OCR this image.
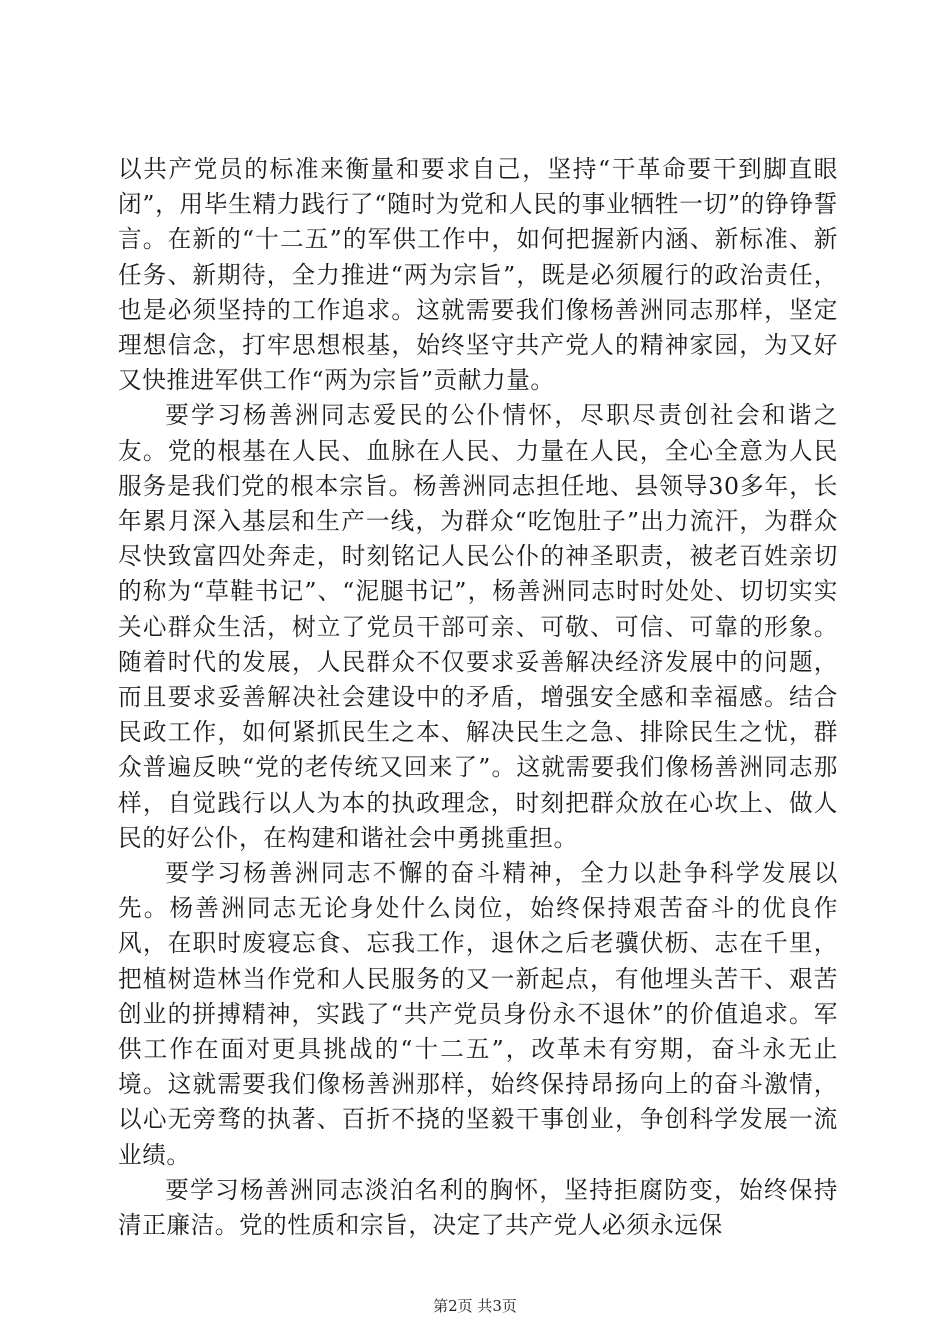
以共产党员的标准来衡量和要求自己，坚持“干革命要干到脚直眼闭”，用毕生精力践行了“随时为党和人民的事业牺牲一切”的铮铮誓言。在新的“十二五”的军供工作中，如何把握新内涵、新标准、新任务、新期待，全力推进“两为宗旨”，既是必须履行的政治责任，也是必须坚持的工作追求。这就需要我们像杨善洲同志那样，坚定理想信念，打牢思想根基，始终坚守共产党人的精神家园，为又好又快推进军供工作“两为宗旨”贡献力量。

要学习杨善洲同志爱民的公仆情怀，尽职尽责创社会和谐之友。党的根基在人民、血脉在人民、力量在人民，全心全意为人民服务是我们党的根本宗旨。杨善洲同志担任地、县领导30多年，长年累月深入基层和生产一线，为群众“吃饱肚子”出力流汗，为群众尽快致富四处奔走，时刻铭记人民公仆的神圣职责，被老百姓亲切的称为“草鞋书记”、“泥腿书记”，杨善洲同志时时处处、切切实实关心群众生活，树立了党员干部可亲、可敬、可信、可靠的形象。随着时代的发展，人民群众不仅要求妥善解决经济发展中的问题，而且要求妥善解决社会建设中的矛盾，增强安全感和幸福感。结合民政工作，如何紧抓民生之本、解决民生之急、排除民生之忧，群众普遍反映“党的老传统又回来了”。这就需要我们像杨善洲同志那样，自觉践行以人为本的执政理念，时刻把群众放在心坎上、做人民的好公仆，在构建和谐社会中勇挑重担。

要学习杨善洲同志不懈的奋斗精神，全力以赴争科学发展以先。杨善洲同志无论身处什么岗位，始终保持艰苦奋斗的优良作风，在职时废寝忘食、忘我工作，退休之后老骥伏枥、志在千里，把植树造林当作党和人民服务的又一新起点，有他埋头苦干、艰苦创业的拼搏精神，实践了“共产党员身份永不退休”的价值追求。军供工作在面对更具挑战的“十二五”，改革未有穷期，奋斗永无止境。这就需要我们像杨善洲那样，始终保持昂扬向上的奋斗激情，以心无旁骛的执著、百折不挠的坚毅干事创业，争创科学发展一流业绩。

要学习杨善洲同志淡泊名利的胸怀，坚持拒腐防变，始终保持清正廉洁。党的性质和宗旨，决定了共产党人必须永远保

第2页 共3页
